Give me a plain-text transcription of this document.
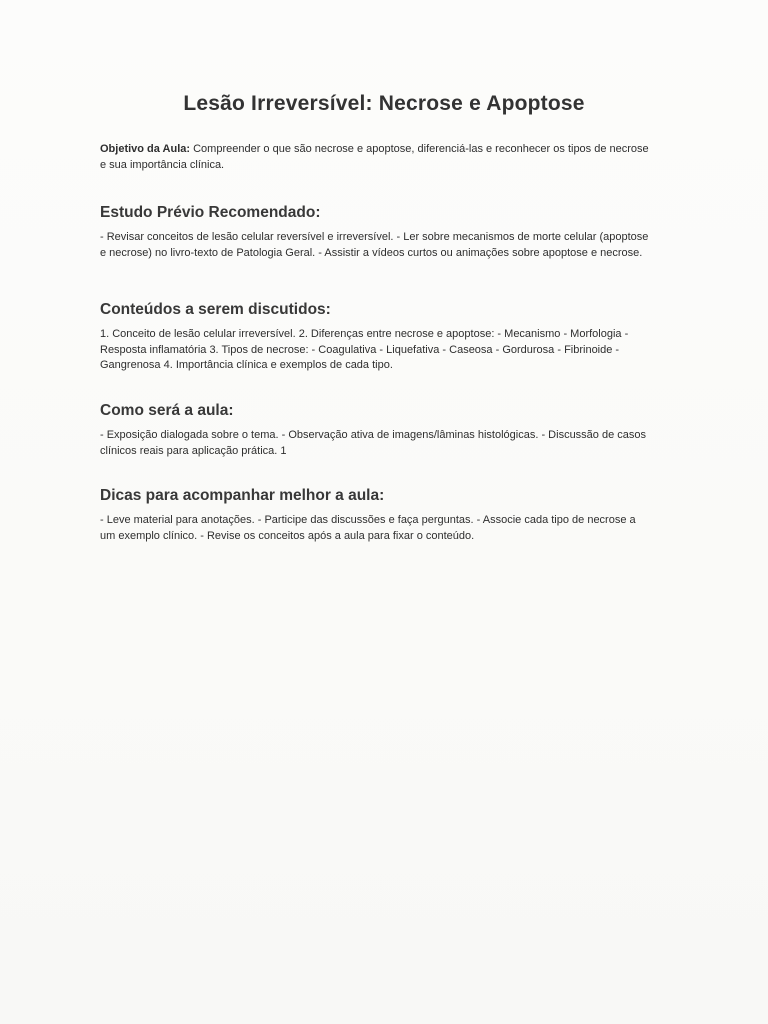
Lesão Irreversível: Necrose e Apoptose

Objetivo da Aula: Compreender o que são necrose e apoptose, diferenciá-las e reconhecer os tipos de necrose e sua importância clínica.

Estudo Prévio Recomendado:

- Revisar conceitos de lesão celular reversível e irreversível. - Ler sobre mecanismos de morte celular (apoptose e necrose) no livro-texto de Patologia Geral. - Assistir a vídeos curtos ou animações sobre apoptose e necrose.

Conteúdos a serem discutidos:

1. Conceito de lesão celular irreversível. 2. Diferenças entre necrose e apoptose: - Mecanismo - Morfologia - Resposta inflamatória 3. Tipos de necrose: - Coagulativa - Liquefativa - Caseosa - Gordurosa - Fibrinoide - Gangrenosa 4. Importância clínica e exemplos de cada tipo.

Como será a aula:

- Exposição dialogada sobre o tema. - Observação ativa de imagens/lâminas histológicas. - Discussão de casos clínicos reais para aplicação prática. 1

Dicas para acompanhar melhor a aula:

- Leve material para anotações. - Participe das discussões e faça perguntas. - Associe cada tipo de necrose a um exemplo clínico. - Revise os conceitos após a aula para fixar o conteúdo.
